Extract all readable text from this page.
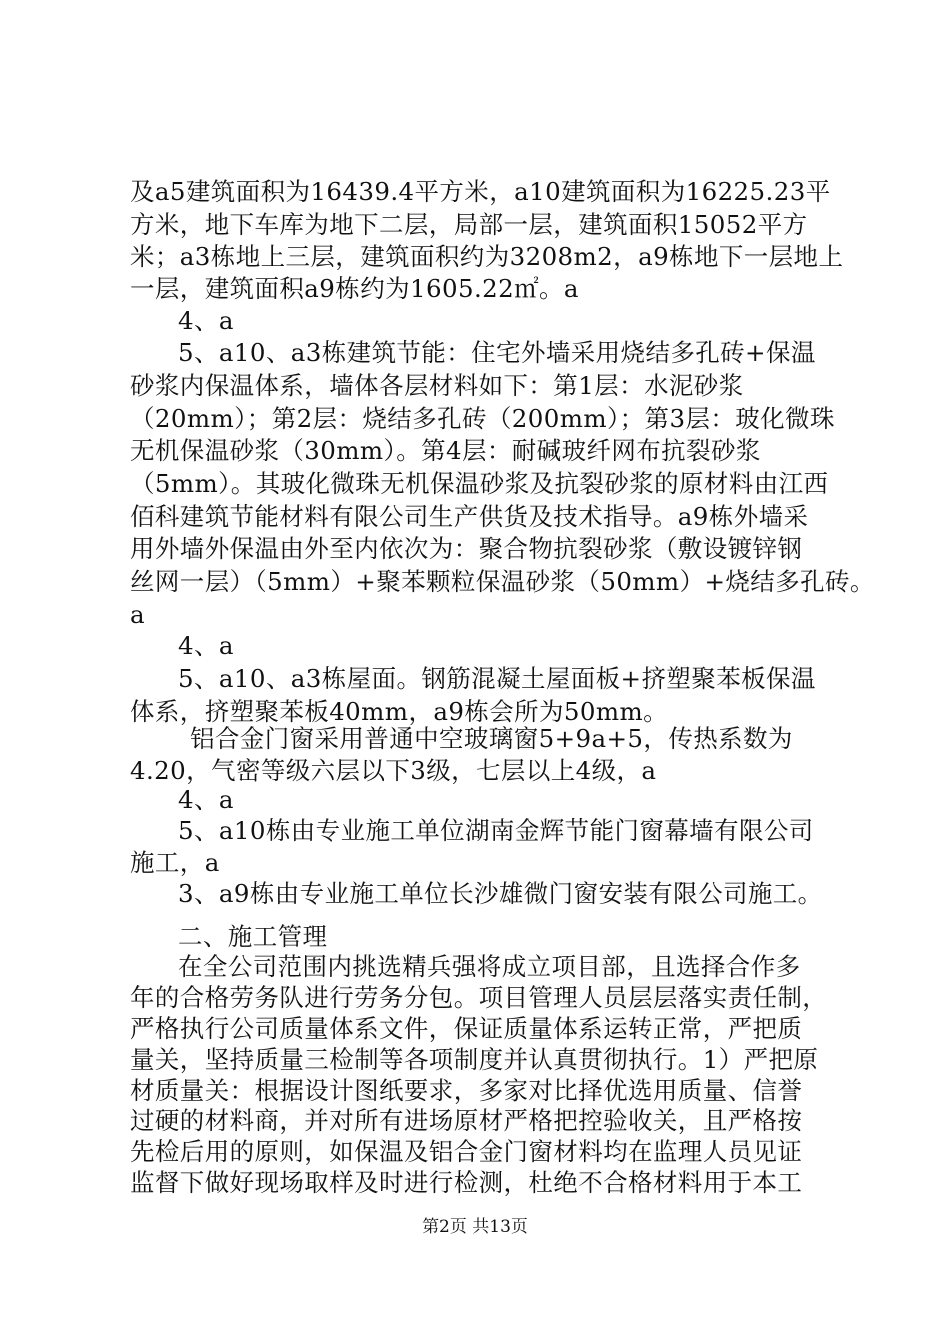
及a5建筑面积为16439.4平方米，a10建筑面积为16225.23平
方米，地下车库为地下二层，局部一层，建筑面积15052平方
米；a3栋地上三层，建筑面积约为3208m2，a9栋地下一层地上
一层，建筑面积a9栋约为1605.22㎡。a
4、a
5、a10、a3栋建筑节能：住宅外墙采用烧结多孔砖+保温
砂浆内保温体系，墙体各层材料如下：第1层：水泥砂浆
（20mm）；第2层：烧结多孔砖（200mm）；第3层：玻化微珠
无机保温砂浆（30mm）。第4层：耐碱玻纤网布抗裂砂浆
（5mm）。其玻化微珠无机保温砂浆及抗裂砂浆的原材料由江西
佰科建筑节能材料有限公司生产供货及技术指导。a9栋外墙采
用外墙外保温由外至内依次为：聚合物抗裂砂浆（敷设镀锌钢
丝网一层）（5mm）+聚苯颗粒保温砂浆（50mm）+烧结多孔砖。
a
4、a
5、a10、a3栋屋面。钢筋混凝土屋面板+挤塑聚苯板保温
体系，挤塑聚苯板40mm，a9栋会所为50mm。
铝合金门窗采用普通中空玻璃窗5+9a+5，传热系数为
4.20，气密等级六层以下3级，七层以上4级，a
4、a
5、a10栋由专业施工单位湖南金辉节能门窗幕墙有限公司
施工，a
3、a9栋由专业施工单位长沙雄微门窗安装有限公司施工。
二、施工管理
在全公司范围内挑选精兵强将成立项目部，且选择合作多
年的合格劳务队进行劳务分包。项目管理人员层层落实责任制，
严格执行公司质量体系文件，保证质量体系运转正常，严把质
量关，坚持质量三检制等各项制度并认真贯彻执行。1）严把原
材质量关：根据设计图纸要求，多家对比择优选用质量、信誉
过硬的材料商，并对所有进场原材严格把控验收关，且严格按
先检后用的原则，如保温及铝合金门窗材料均在监理人员见证
监督下做好现场取样及时进行检测，杜绝不合格材料用于本工
第2页 共13页
